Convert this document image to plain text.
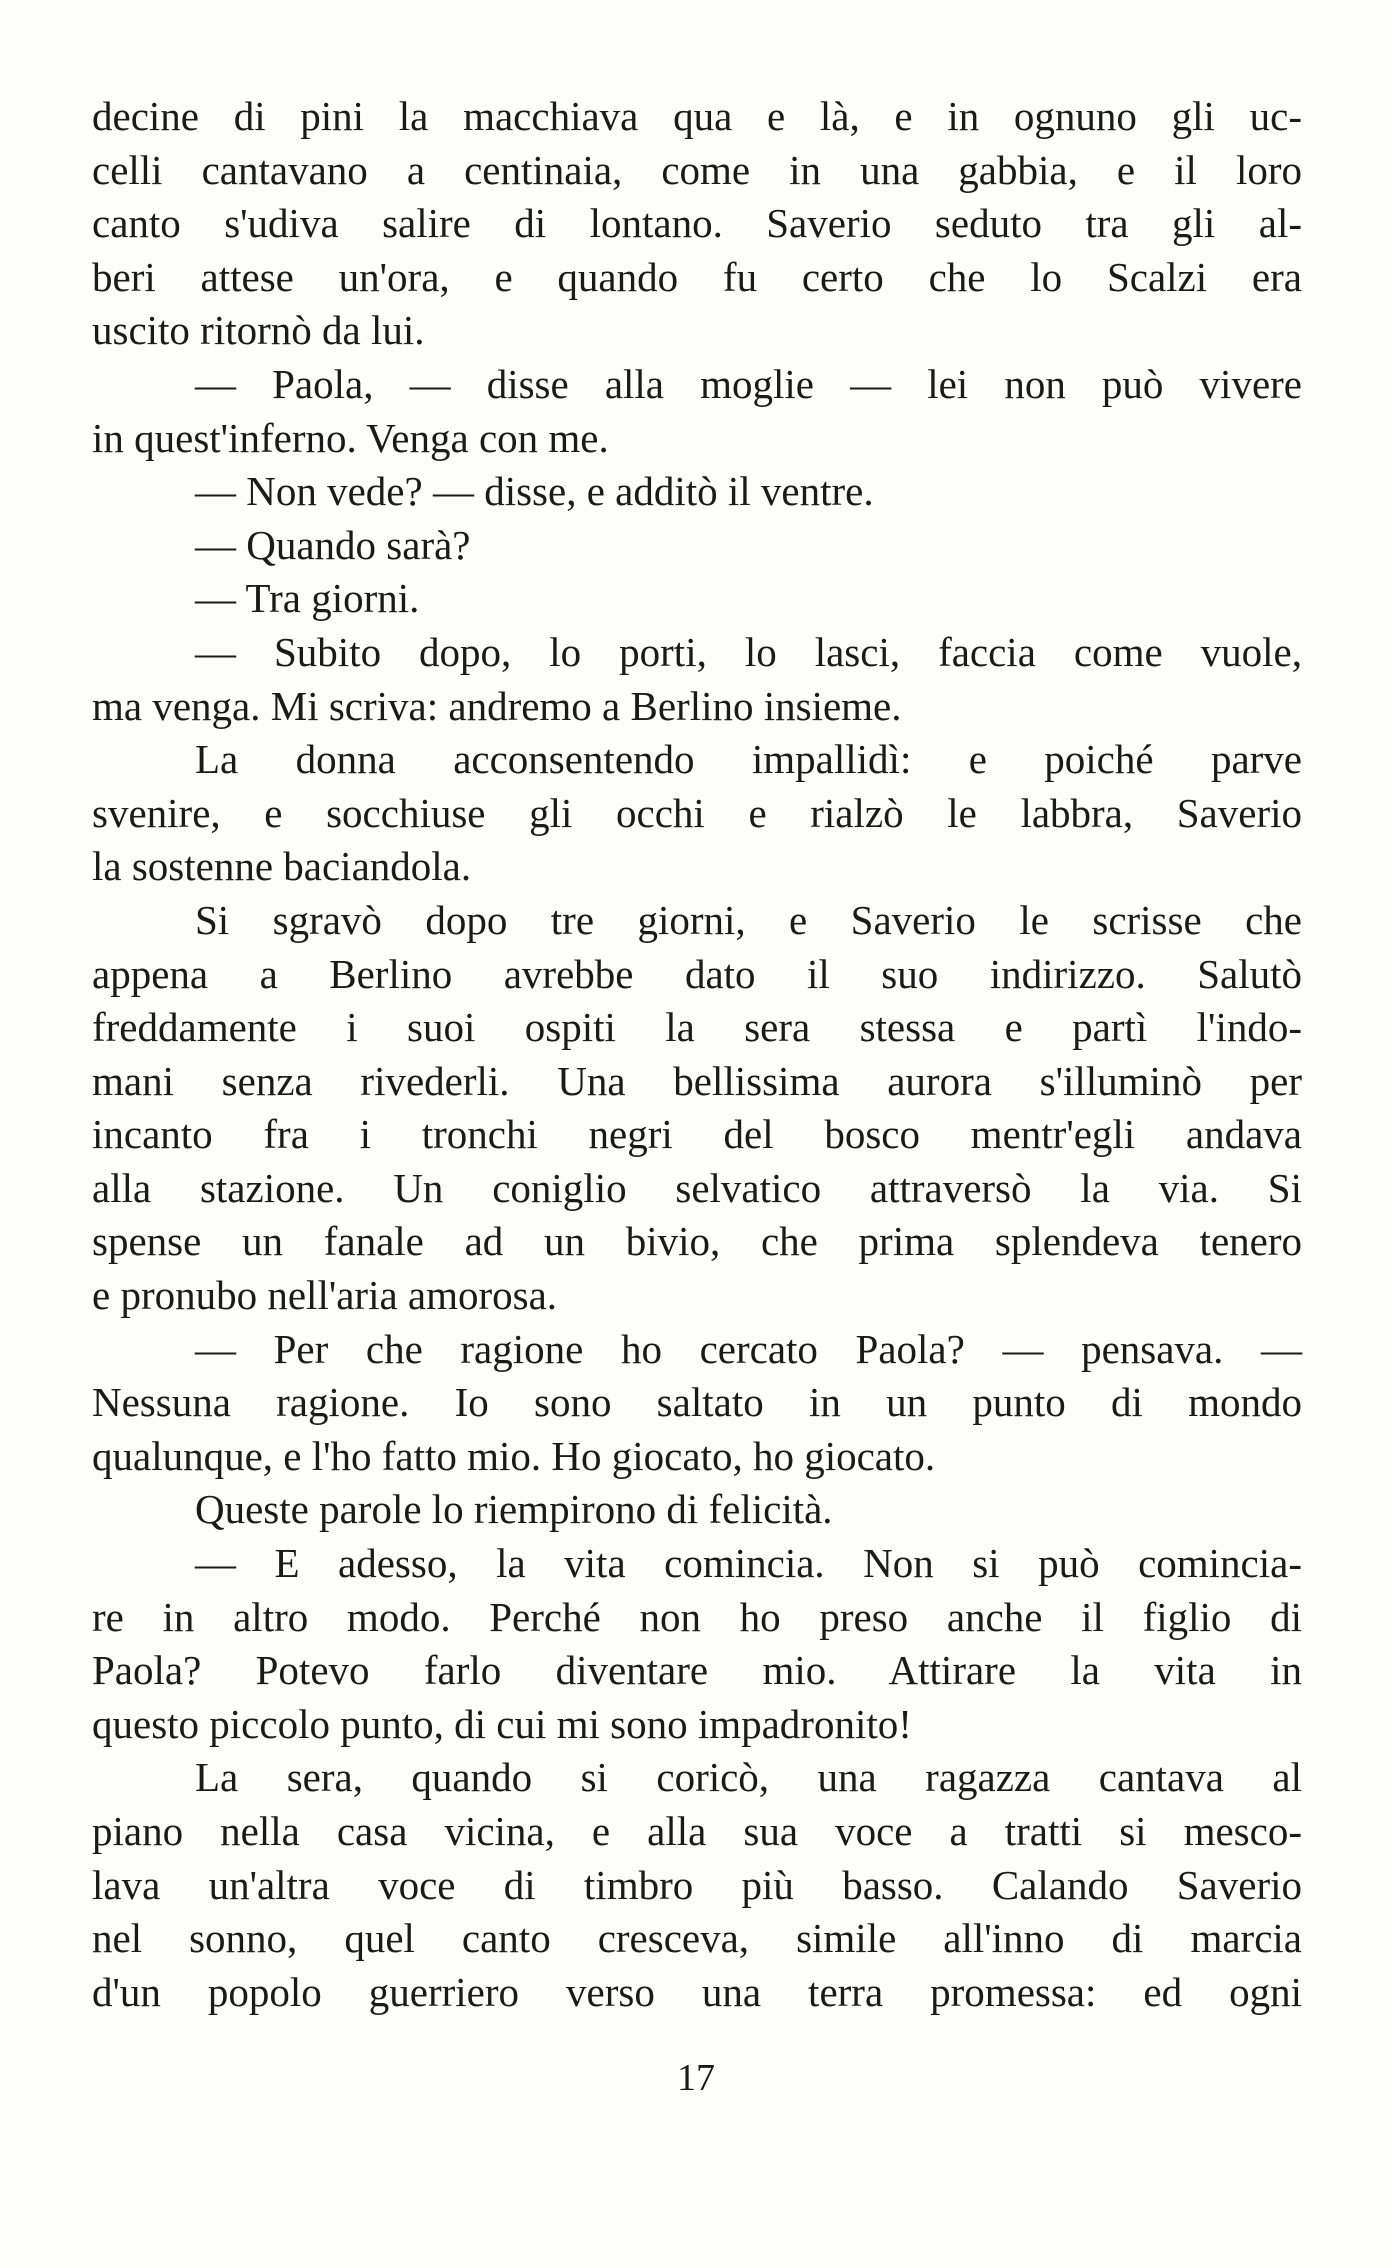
decine di pini la macchiava qua e là, e in ognuno gli uc-
celli cantavano a centinaia, come in una gabbia, e il loro
canto s'udiva salire di lontano. Saverio seduto tra gli al-
beri attese un'ora, e quando fu certo che lo Scalzi era
uscito ritornò da lui.
— Paola, — disse alla moglie — lei non può vivere
in quest'inferno. Venga con me.
— Non vede? — disse, e additò il ventre.
— Quando sarà?
— Tra giorni.
— Subito dopo, lo porti, lo lasci, faccia come vuole,
ma venga. Mi scriva: andremo a Berlino insieme.
La donna acconsentendo impallidì: e poiché parve
svenire, e socchiuse gli occhi e rialzò le labbra, Saverio
la sostenne baciandola.
Si sgravò dopo tre giorni, e Saverio le scrisse che
appena a Berlino avrebbe dato il suo indirizzo. Salutò
freddamente i suoi ospiti la sera stessa e partì l'indo-
mani senza rivederli. Una bellissima aurora s'illuminò per
incanto fra i tronchi negri del bosco mentr'egli andava
alla stazione. Un coniglio selvatico attraversò la via. Si
spense un fanale ad un bivio, che prima splendeva tenero
e pronubo nell'aria amorosa.
— Per che ragione ho cercato Paola? — pensava. —
Nessuna ragione. Io sono saltato in un punto di mondo
qualunque, e l'ho fatto mio. Ho giocato, ho giocato.
Queste parole lo riempirono di felicità.
— E adesso, la vita comincia. Non si può comincia-
re in altro modo. Perché non ho preso anche il figlio di
Paola? Potevo farlo diventare mio. Attirare la vita in
questo piccolo punto, di cui mi sono impadronito!
La sera, quando si coricò, una ragazza cantava al
piano nella casa vicina, e alla sua voce a tratti si mesco-
lava un'altra voce di timbro più basso. Calando Saverio
nel sonno, quel canto cresceva, simile all'inno di marcia
d'un popolo guerriero verso una terra promessa: ed ogni
17
